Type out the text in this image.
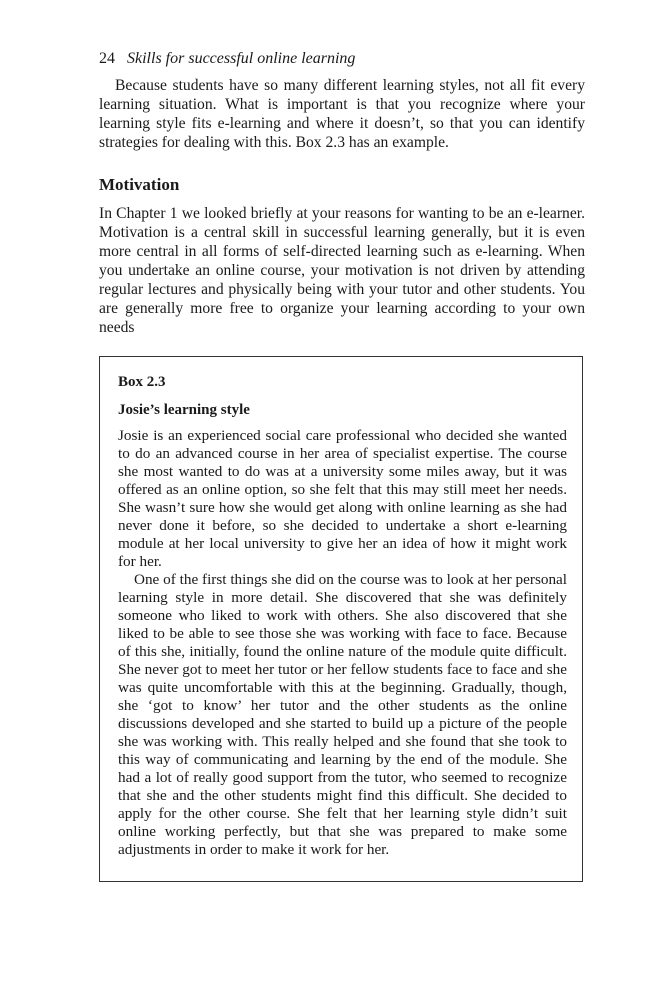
24 Skills for successful online learning

Because students have so many different learning styles, not all fit every learning situation. What is important is that you recognize where your learning style fits e-learning and where it doesn’t, so that you can identify strategies for dealing with this. Box 2.3 has an example.

Motivation

In Chapter 1 we looked briefly at your reasons for wanting to be an e-learner. Motivation is a central skill in successful learning generally, but it is even more central in all forms of self-directed learning such as e-learning. When you undertake an online course, your motivation is not driven by attending regular lectures and physically being with your tutor and other students. You are generally more free to organize your learning according to your own needs

Box 2.3

Josie’s learning style

Josie is an experienced social care professional who decided she wanted to do an advanced course in her area of specialist expertise. The course she most wanted to do was at a university some miles away, but it was offered as an online option, so she felt that this may still meet her needs. She wasn’t sure how she would get along with online learning as she had never done it before, so she decided to undertake a short e-learning module at her local university to give her an idea of how it might work for her.

One of the first things she did on the course was to look at her personal learning style in more detail. She discovered that she was definitely someone who liked to work with others. She also discovered that she liked to be able to see those she was working with face to face. Because of this she, initially, found the online nature of the module quite difficult. She never got to meet her tutor or her fellow students face to face and she was quite uncomfortable with this at the beginning. Gradually, though, she ‘got to know’ her tutor and the other students as the online discussions developed and she started to build up a picture of the people she was working with. This really helped and she found that she took to this way of communicating and learning by the end of the module. She had a lot of really good support from the tutor, who seemed to recognize that she and the other students might find this difficult. She decided to apply for the other course. She felt that her learning style didn’t suit online working perfectly, but that she was prepared to make some adjustments in order to make it work for her.
